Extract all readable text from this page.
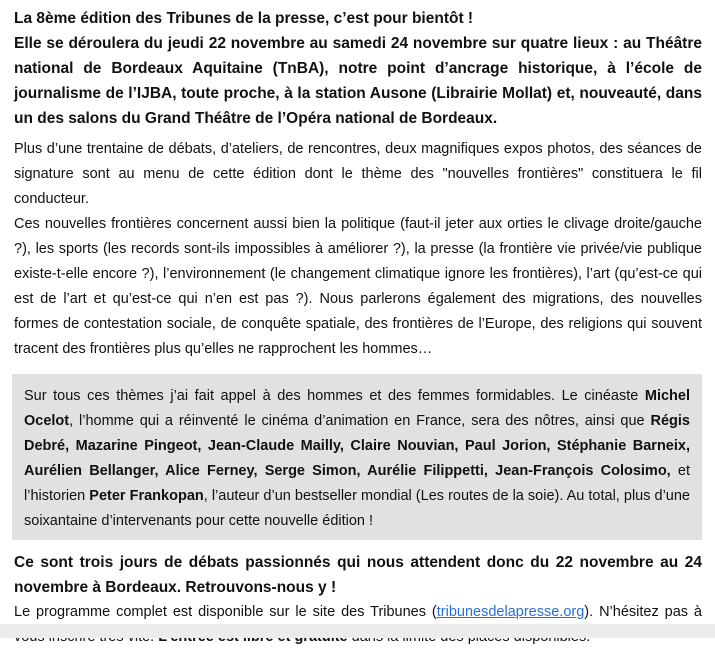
La 8ème édition des Tribunes de la presse, c’est pour bientôt !

Elle se déroulera du jeudi 22 novembre au samedi 24 novembre sur quatre lieux : au Théâtre national de Bordeaux Aquitaine (TnBA), notre point d’ancrage historique, à l’école de journalisme de l’IJBA, toute proche, à la station Ausone (Librairie Mollat) et, nouveauté, dans un des salons du Grand Théâtre de l’Opéra national de Bordeaux.

Plus d’une trentaine de débats, d’ateliers, de rencontres, deux magnifiques expos photos, des séances de signature sont au menu de cette édition dont le thème des "nouvelles frontières" constituera le fil conducteur.

Ces nouvelles frontières concernent aussi bien la politique (faut-il jeter aux orties le clivage droite/gauche ?), les sports (les records sont-ils impossibles à améliorer ?), la presse (la frontière vie privée/vie publique existe-t-elle encore ?), l’environnement (le changement climatique ignore les frontières), l’art (qu’est-ce qui est de l’art et qu’est-ce qui n’en est pas ?). Nous parlerons également des migrations, des nouvelles formes de contestation sociale, de conquête spatiale, des frontières de l’Europe, des religions qui souvent tracent des frontières plus qu’elles ne rapprochent les hommes…

Sur tous ces thèmes j’ai fait appel à des hommes et des femmes formidables. Le cinéaste Michel Ocelot, l’homme qui a réinventé le cinéma d’animation en France, sera des nôtres, ainsi que Régis Debré, Mazarine Pingeot, Jean-Claude Mailly, Claire Nouvian, Paul Jorion, Stéphanie Barneix, Aurélien Bellanger, Alice Ferney, Serge Simon, Aurélie Filippetti, Jean-François Colosimo, et l’historien Peter Frankopan, l’auteur d’un bestseller mondial (Les routes de la soie). Au total, plus d’une soixantaine d’intervenants pour cette nouvelle édition !

Ce sont trois jours de débats passionnés qui nous attendent donc du 22 novembre au 24 novembre à Bordeaux. Retrouvons-nous y !

Le programme complet est disponible sur le site des Tribunes (tribunesdelapresse.org). N’hésitez pas à
